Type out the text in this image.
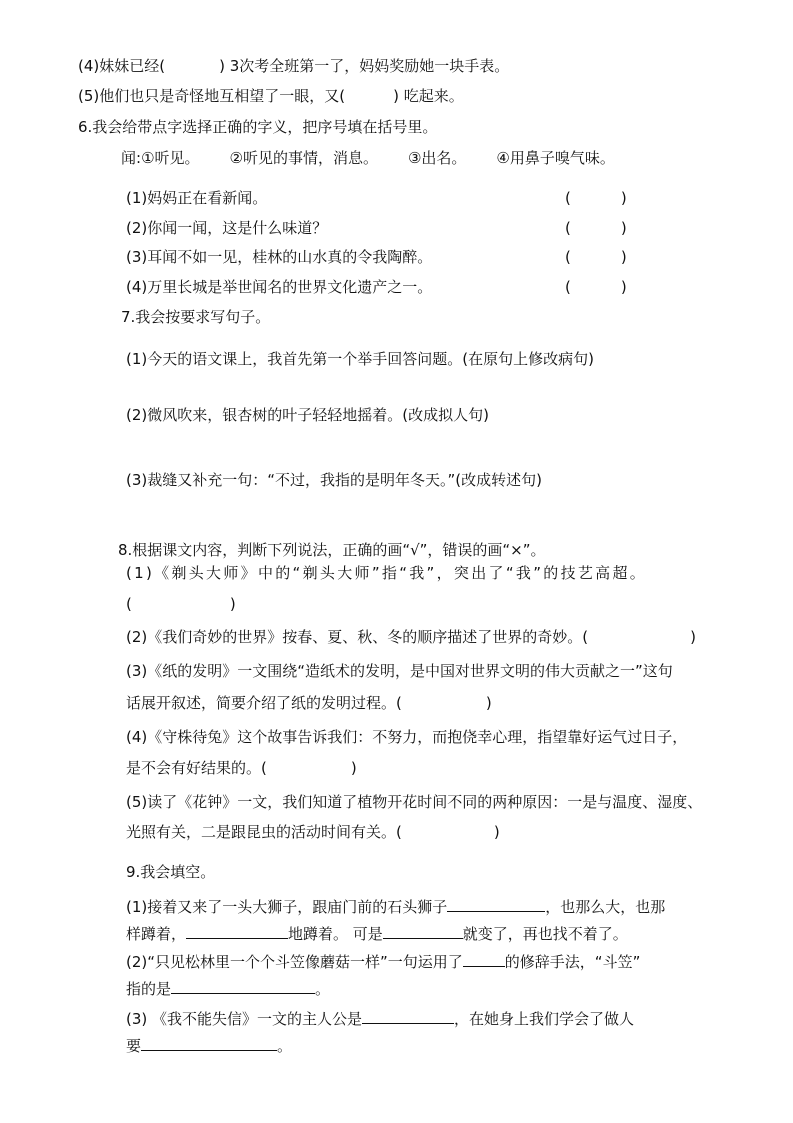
(4)妹妹已经(	) 3次考全班第一了，妈妈奖励她一块手表。
(5)他们也只是奇怪地互相望了一眼，又(	) 吃起来。
6.我会给带点字选择正确的字义，把序号填在括号里。
闻:①听见。 ②听见的事情，消息。 ③出名。 ④用鼻子嗅气味。
(1)妈妈正在看新闻。	(	)
(2)你闻一闻，这是什么味道？	(	)
(3)耳闻不如一见，桂林的山水真的令我陶醉。	(	)
(4)万里长城是举世闻名的世界文化遗产之一。	(	)
7.我会按要求写句子。
(1)今天的语文课上，我首先第一个举手回答问题。(在原句上修改病句)
(2)微风吹来，银杏树的叶子轻轻地摇着。(改成拟人句)
(3)裁缝又补充一句：“不过，我指的是明年冬天。”(改成转述句)
8.根据课文内容，判断下列说法，正确的画“√”，错误的画“×”。
(1)《剃头大师》中的“剃头大师”指“我”，突出了“我”的技艺高超。
(	)
(2)《我们奇妙的世界》按春、夏、秋、冬的顺序描述了世界的奇妙。(	)
(3)《纸的发明》一文围绕“造纸术的发明，是中国对世界文明的伟大贡献之一”这句
话展开叙述，简要介绍了纸的发明过程。(	)
(4)《守株待兔》这个故事告诉我们：不努力，而抱侥幸心理，指望靠好运气过日子，
是不会有好结果的。(	)
(5)读了《花钟》一文，我们知道了植物开花时间不同的两种原因：一是与温度、湿度、
光照有关，二是跟昆虫的活动时间有关。(	)
9.我会填空。
(1)接着又来了一头大狮子，跟庙门前的石头狮子	，也那么大，也那
样蹲着，	地蹲着。 可是	就变了，再也找不着了。
(2)“只见松林里一个个斗笠像蘑菇一样”一句运用了	的修辞手法，“斗笠”
指的是	。
(3) 《我不能失信》一文的主人公是	，在她身上我们学会了做人
要	。
